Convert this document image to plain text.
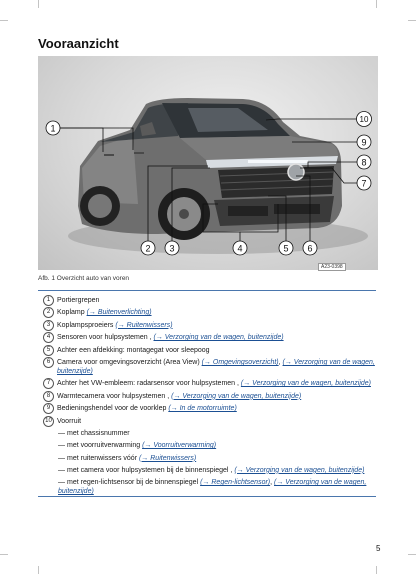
Vooraanzicht
1
2 3	4	5 6
7
8
9
10
A23-0398
Afb. 1 Overzicht auto van voren
1 Portiergrepen
2 Koplamp (→ Buitenverlichting)
3 Koplampsproeiers (→ Ruitenwissers)
4 Sensoren voor hulpsystemen , (→ Verzorging van de wagen, buitenzijde)
5 Achter een afdekking: montagegat voor sleepoog
6 Camera voor omgevingsoverzicht (Area View) (→ Omgevingsoverzicht), (→ Verzorging van de wagen, buitenzijde)
7 Achter het VW-embleem: radarsensor voor hulpsystemen , (→ Verzorging van de wagen, buitenzijde)
8 Warmtecamera voor hulpsystemen , (→ Verzorging van de wagen, buitenzijde)
9 Bedieningshendel voor de voorklep (→ In de motorruimte)
10 Voorruit
— met chassisnummer
— met voorruitverwarming (→ Voorruitverwarming)
— met ruitenwissers vóór (→ Ruitenwissers)
— met camera voor hulpsystemen bij de binnenspiegel , (→ Verzorging van de wagen, buitenzijde)
— met regen-lichtsensor bij de binnenspiegel (→ Regen-lichtsensor), (→ Verzorging van de wagen, buitenzijde)
5
